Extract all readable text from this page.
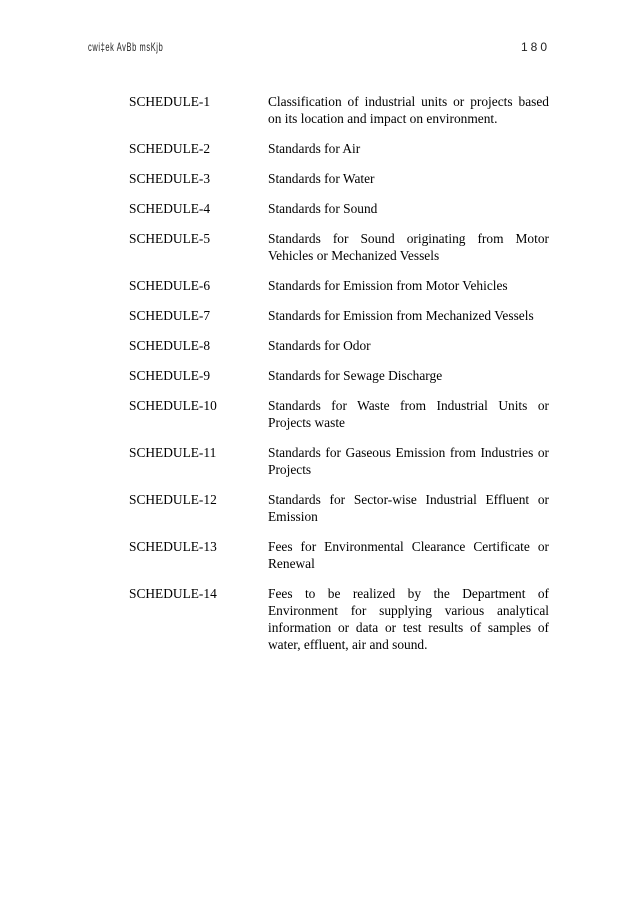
cwi‡ek AvBb msKjb	180
SCHEDULE-1	Classification of industrial units or projects based on its location and impact on environment.
SCHEDULE-2	Standards for Air
SCHEDULE-3	Standards for Water
SCHEDULE-4	Standards for Sound
SCHEDULE-5	Standards for Sound originating from Motor Vehicles or Mechanized Vessels
SCHEDULE-6	Standards for Emission from Motor Vehicles
SCHEDULE-7	Standards for Emission from Mechanized Vessels
SCHEDULE-8	Standards for Odor
SCHEDULE-9	Standards for Sewage Discharge
SCHEDULE-10	Standards for Waste from Industrial Units or Projects waste
SCHEDULE-11	Standards for Gaseous Emission from Industries or Projects
SCHEDULE-12	Standards for Sector-wise Industrial Effluent or Emission
SCHEDULE-13	Fees for Environmental Clearance Certificate or Renewal
SCHEDULE-14	Fees to be realized by the Department of Environment for supplying various analytical information or data or test results of samples of water, effluent, air and sound.
